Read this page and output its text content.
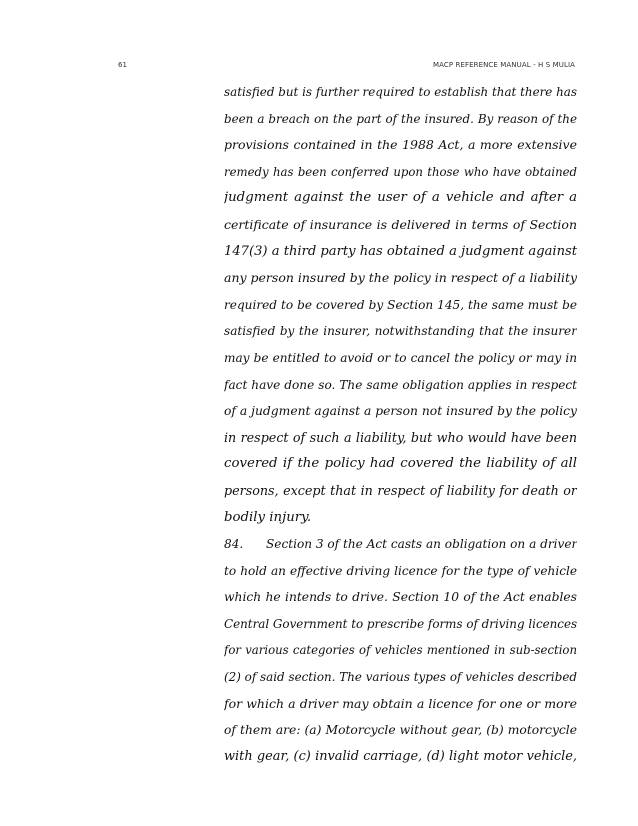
61	MACP REFERENCE MANUAL - H S MULIA
satisfied but is further required to establish that there has
been a breach on the part of the insured. By reason of the
provisions contained in the 1988 Act, a more extensive
remedy has been conferred upon those who have obtained
judgment against the user of a vehicle and after a
certificate of insurance is delivered in terms of Section
147(3) a third party has obtained a judgment against
any person insured by the policy in respect of a liability
required to be covered by Section 145, the same must be
satisfied by the insurer, notwithstanding that the insurer
may be entitled to avoid or to cancel the policy or may in
fact have done so. The same obligation applies in respect
of a judgment against a person not insured by the policy
in respect of such a liability, but who would have been
covered if the policy had covered the liability of all
persons, except that in respect of liability for death or
bodily injury.
84. Section 3 of the Act casts an obligation on a driver
to hold an effective driving licence for the type of vehicle
which he intends to drive. Section 10 of the Act enables
Central Government to prescribe forms of driving licences
for various categories of vehicles mentioned in sub-section
(2) of said section. The various types of vehicles described
for which a driver may obtain a licence for one or more
of them are: (a) Motorcycle without gear, (b) motorcycle
with gear, (c) invalid carriage, (d) light motor vehicle,
